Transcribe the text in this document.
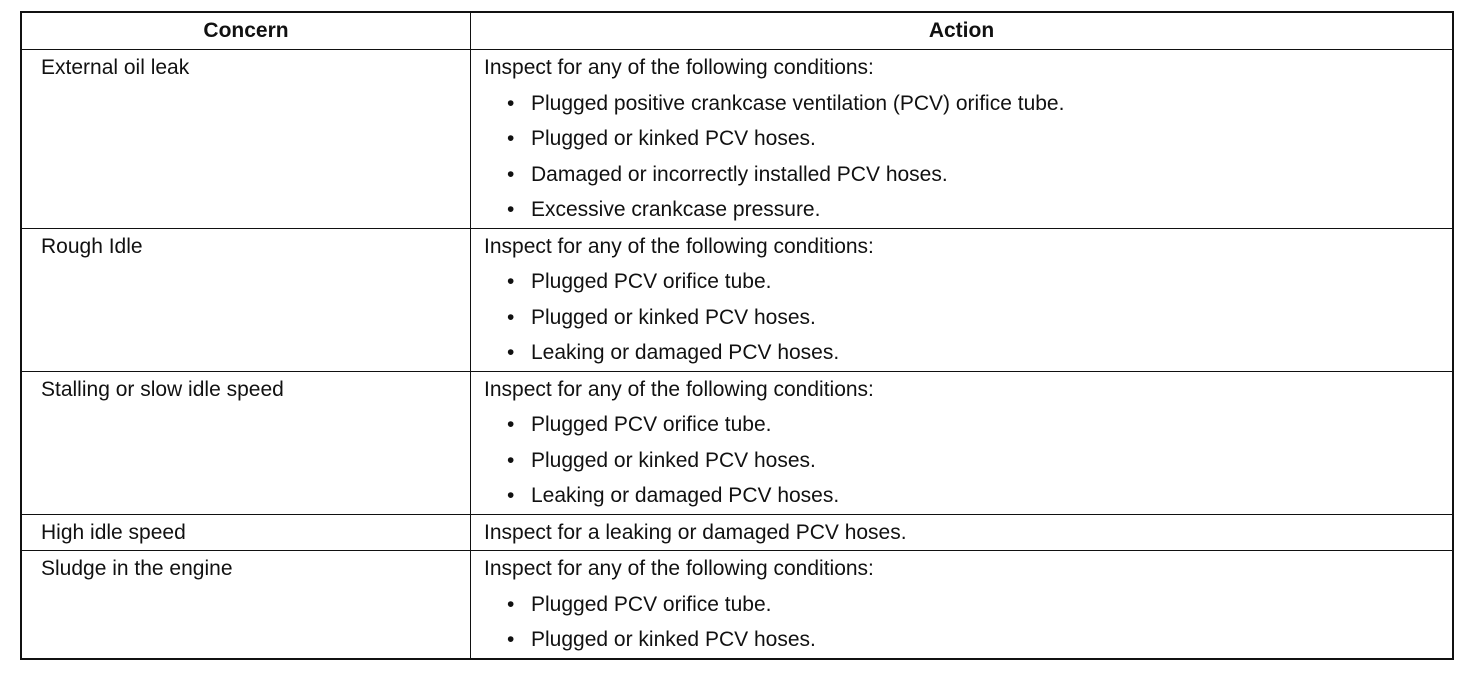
Concern	Action
External oil leak	Inspect for any of the following conditions:
• Plugged positive crankcase ventilation (PCV) orifice tube.
• Plugged or kinked PCV hoses.
• Damaged or incorrectly installed PCV hoses.
• Excessive crankcase pressure.
Rough Idle	Inspect for any of the following conditions:
• Plugged PCV orifice tube.
• Plugged or kinked PCV hoses.
• Leaking or damaged PCV hoses.
Stalling or slow idle speed	Inspect for any of the following conditions:
• Plugged PCV orifice tube.
• Plugged or kinked PCV hoses.
• Leaking or damaged PCV hoses.
High idle speed	Inspect for a leaking or damaged PCV hoses.
Sludge in the engine	Inspect for any of the following conditions:
• Plugged PCV orifice tube.
• Plugged or kinked PCV hoses.
